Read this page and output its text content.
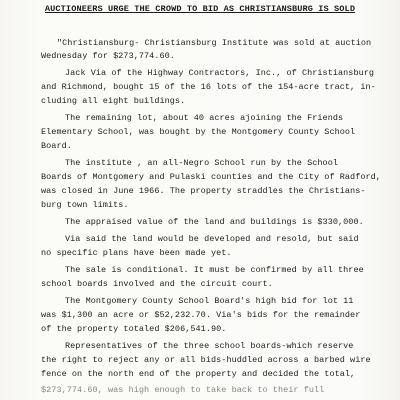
AUCTIONEERS URGE THE CROWD TO BID AS CHRISTIANSBURG IS SOLD
"Christiansburg- Christiansburg Institute was sold at auction
Wednesday for $273,774.60.
Jack Via of the Highway Contractors, Inc., of Christiansburg
and Richmond, bought 15 of the 16 lots of the 154-acre tract, in-
cluding all eight buildings.
The remaining lot, about 40 acres ajoining the Friends
Elementary School, was bought by the Montgomery County School
Board.
The institute , an all-Negro School run by the School
Boards of Montgomery and Pulaski counties and the City of Radford,
was closed in June 1966. The property straddles the Christians-
burg town limits.
The appraised value of the land and buildings is $330,000.
Via said the land would be developed and resold, but said
no specific plans have been made yet.
The sale is conditional. It must be confirmed by all three
school boards involved and the circuit court.
The Montgomery County School Board's high bid for lot 11
was $1,300 an acre or $52,232.70. Via's bids for the remainder
of the property totaled $206,541.90.
Representatives of the three school boards-which reserve
the right to reject any or all bids-huddled across a barbed wire
fence on the north end of the property and decided the total,
$273,774.60, was high enough to take back to their full
